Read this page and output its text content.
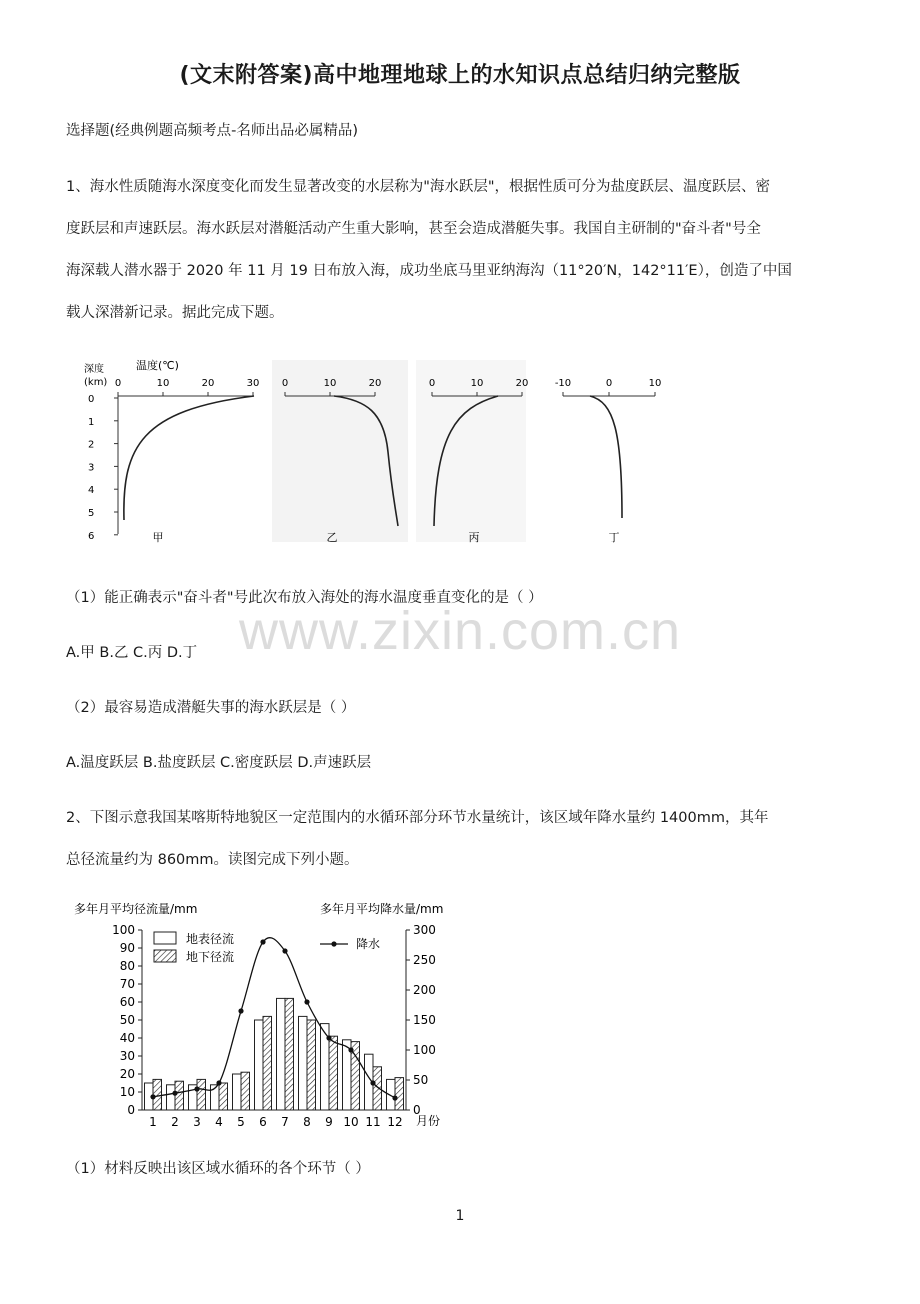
(文末附答案)高中地理地球上的水知识点总结归纳完整版
选择题(经典例题高频考点-名师出品必属精品)
1、海水性质随海水深度变化而发生显著改变的水层称为"海水跃层"，根据性质可分为盐度跃层、温度跃层、密
度跃层和声速跃层。海水跃层对潜艇活动产生重大影响，甚至会造成潜艇失事。我国自主研制的"奋斗者"号全
海深载人潜水器于 2020 年 11 月 19 日布放入海，成功坐底马里亚纳海沟（11°20′N，142°11′E），创造了中国
载人深潜新记录。据此完成下题。
深度
(km)
温度(℃)
0
1
2
3
4
5
6
0	10	20	30
甲
0	10	20
乙
0	10	20
丙
-10	0	10
丁
（1）能正确表示"奋斗者"号此次布放入海处的海水温度垂直变化的是（ ）
A.甲 B.乙 C.丙 D.丁
（2）最容易造成潜艇失事的海水跃层是（ ）
A.温度跃层 B.盐度跃层 C.密度跃层 D.声速跃层
2、下图示意我国某喀斯特地貌区一定范围内的水循环部分环节水量统计，该区域年降水量约 1400mm，其年
总径流量约为 860mm。读图完成下列小题。
多年月平均径流量/mm	多年月平均降水量/mm
月份
0
10
20
30
40
50
60
70
80
90
100
0
50
100
150
200
250
300
1 2 3 4 5 6 7 8 9 10 11 12
地表径流
地下径流
降水
（1）材料反映出该区域水循环的各个环节（ ）
www.zixin.com.cn
1
